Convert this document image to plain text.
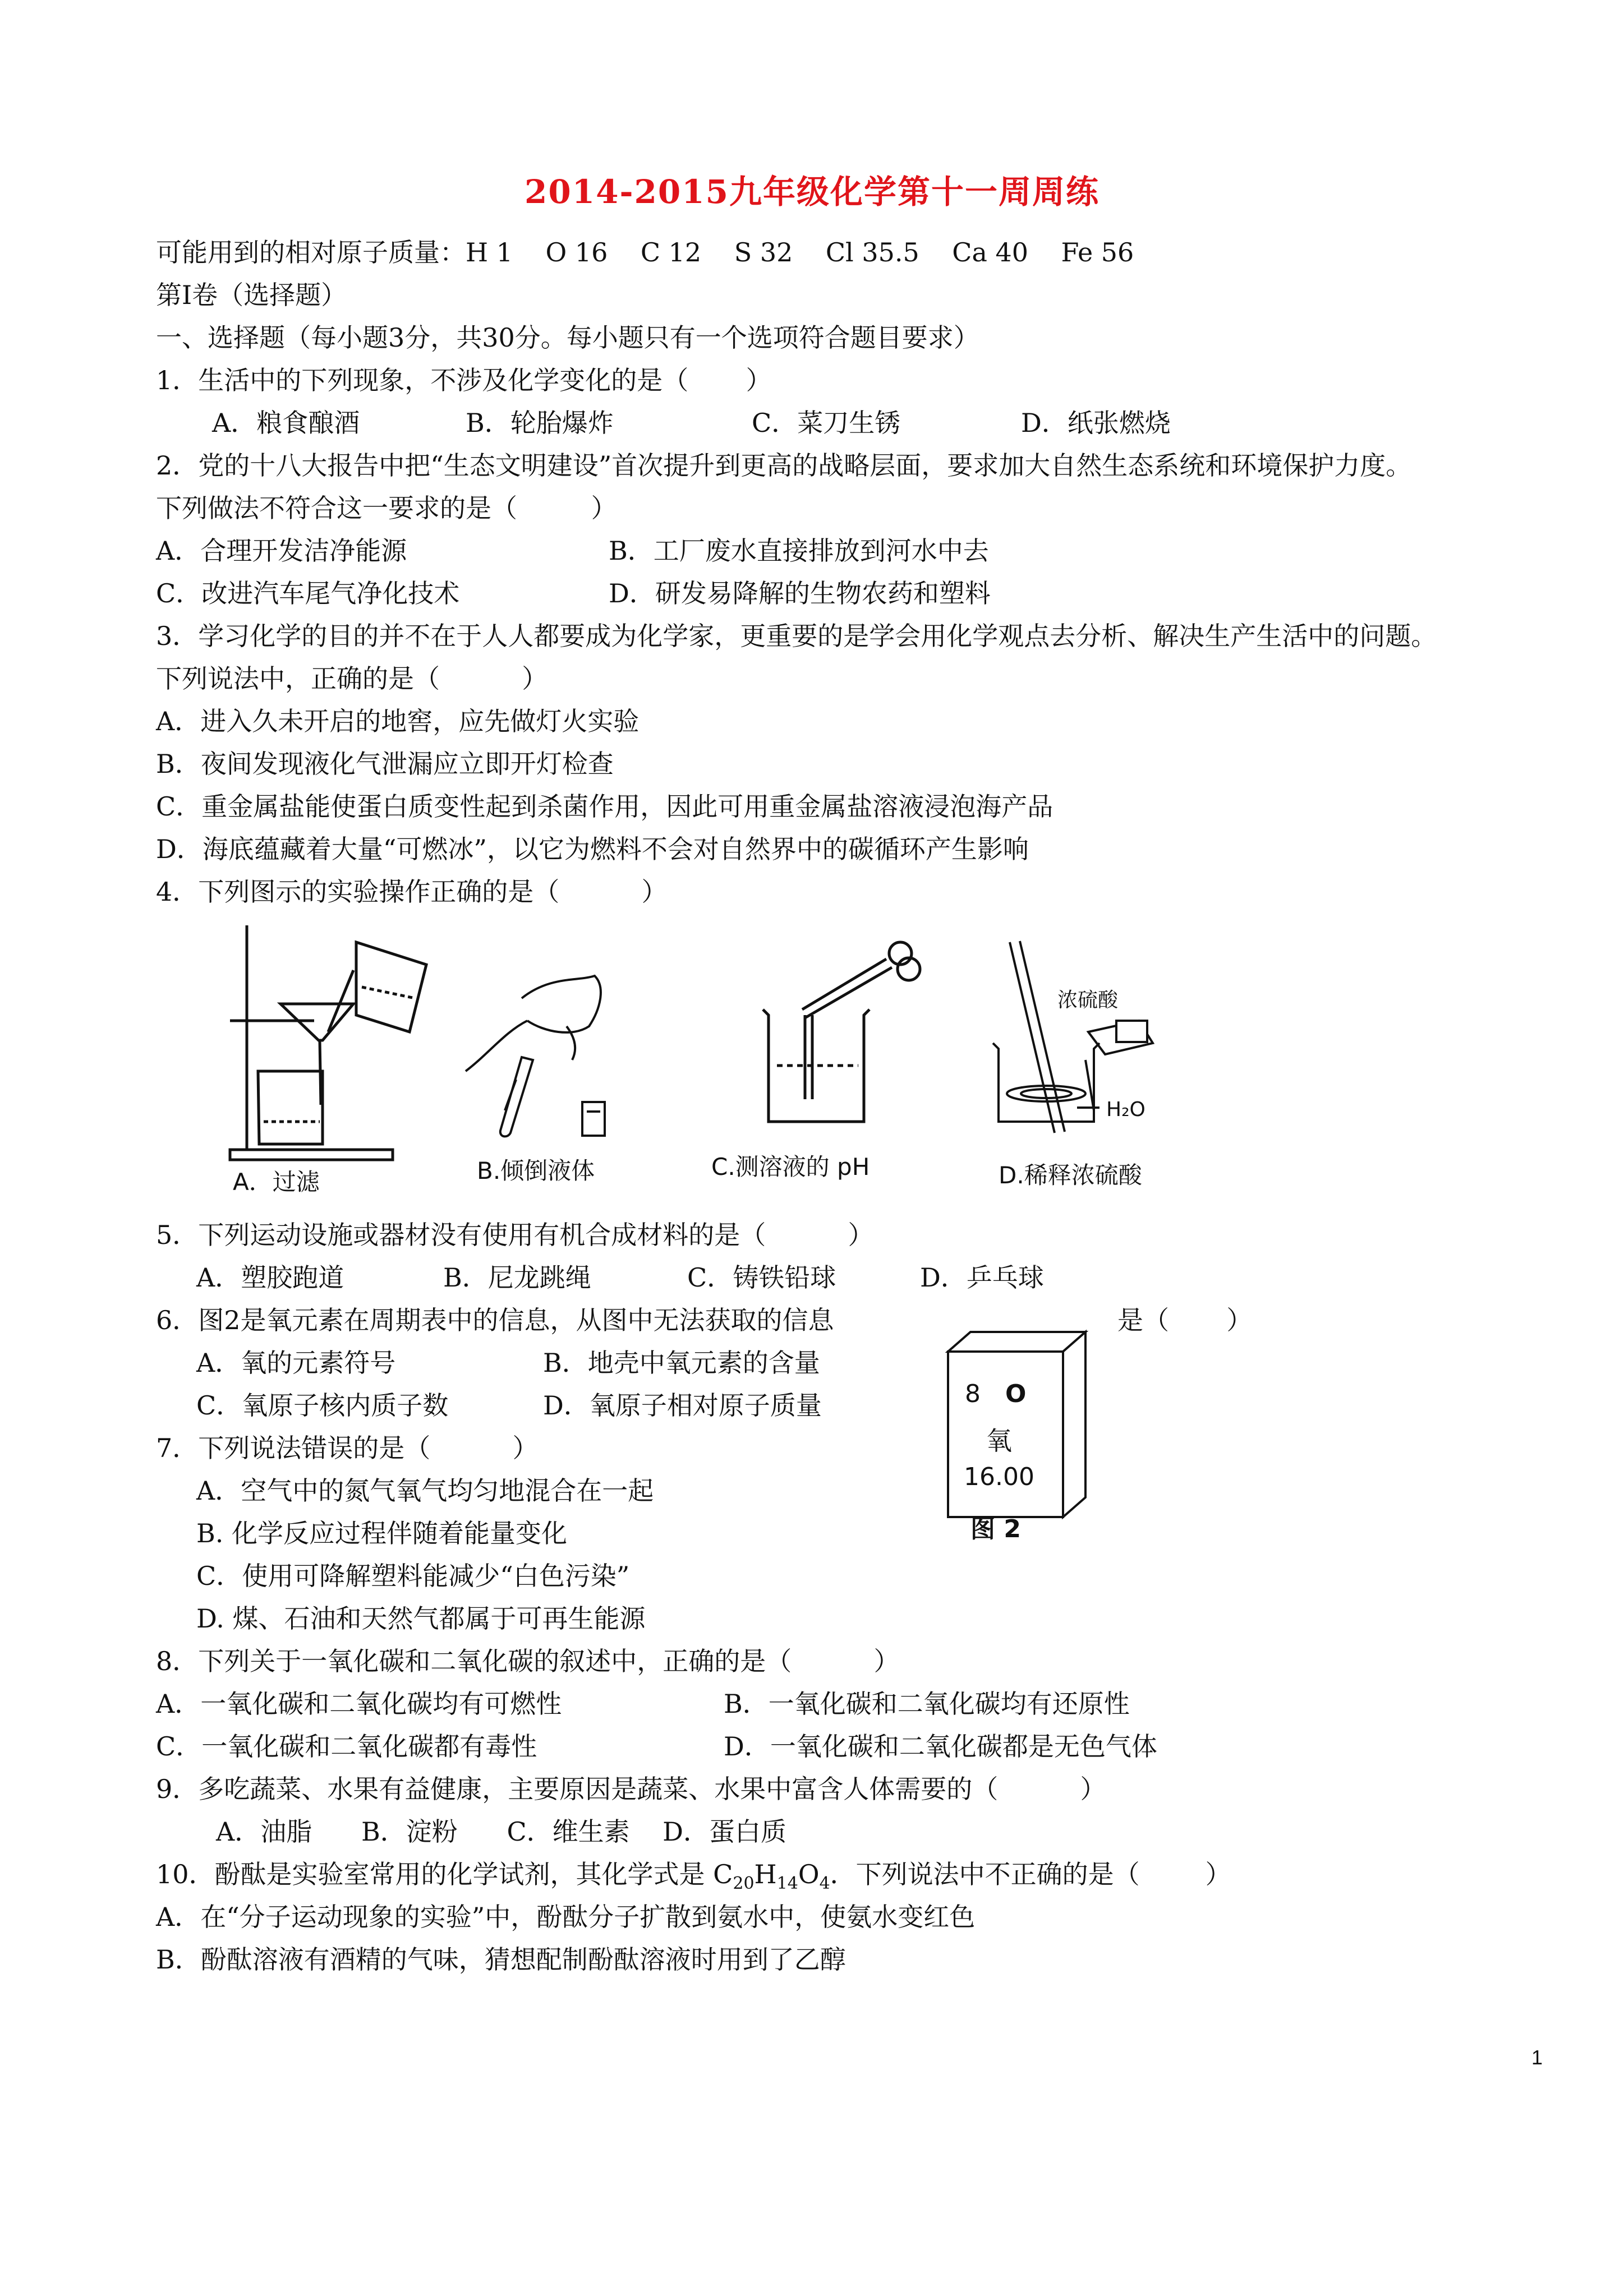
2014-2015九年级化学第十一周周练
可能用到的相对原子质量：H 1    O 16    C 12    S 32    Cl 35.5    Ca 40    Fe 56
第Ⅰ卷（选择题）
一、选择题（每小题3分，共30分。每小题只有一个选项符合题目要求）
1．生活中的下列现象，不涉及化学变化的是（       ）
A．粮食酿酒	B．轮胎爆炸	C．菜刀生锈	D．纸张燃烧
2．党的十八大报告中把“生态文明建设”首次提升到更高的战略层面，要求加大自然生态系统和环境保护力度。
下列做法不符合这一要求的是（         ）
A．合理开发洁净能源	B．工厂废水直接排放到河水中去
C．改进汽车尾气净化技术	D．研发易降解的生物农药和塑料
3．学习化学的目的并不在于人人都要成为化学家，更重要的是学会用化学观点去分析、解决生产生活中的问题。
下列说法中，正确的是（          ）
A．进入久未开启的地窖，应先做灯火实验
B．夜间发现液化气泄漏应立即开灯检查
C．重金属盐能使蛋白质变性起到杀菌作用，因此可用重金属盐溶液浸泡海产品
D．海底蕴藏着大量“可燃冰”，以它为燃料不会对自然界中的碳循环产生影响
4．下列图示的实验操作正确的是（          ）
A．过滤	B.倾倒液体	C.测溶液的 pH
浓硫酸
H₂O
D.稀释浓硫酸
5．下列运动设施或器材没有使用有机合成材料的是（          ）
A．塑胶跑道	B．尼龙跳绳	C．铸铁铅球	D．乒乓球
6．图2是氧元素在周期表中的信息，从图中无法获取的信息	是（       ）
A．氧的元素符号	B．地壳中氧元素的含量
C．氧原子核内质子数	D．氧原子相对原子质量	8 O
氧
16.00
图 2
7．下列说法错误的是（          ）
A．空气中的氮气氧气均匀地混合在一起
B. 化学反应过程伴随着能量变化
C．使用可降解塑料能减少“白色污染”
D. 煤、石油和天然气都属于可再生能源
8．下列关于一氧化碳和二氧化碳的叙述中，正确的是（          ）
A．一氧化碳和二氧化碳均有可燃性	B．一氧化碳和二氧化碳均有还原性
C．一氧化碳和二氧化碳都有毒性	D．一氧化碳和二氧化碳都是无色气体
9．多吃蔬菜、水果有益健康，主要原因是蔬菜、水果中富含人体需要的（          ）
A．油脂      B．淀粉      C．维生素    D．蛋白质
10．酚酞是实验室常用的化学试剂，其化学式是 $C_{20}H_{14}O_4$．下列说法中不正确的是（        ）
A．在“分子运动现象的实验”中，酚酞分子扩散到氨水中，使氨水变红色
B．酚酞溶液有酒精的气味，猜想配制酚酞溶液时用到了乙醇
1
